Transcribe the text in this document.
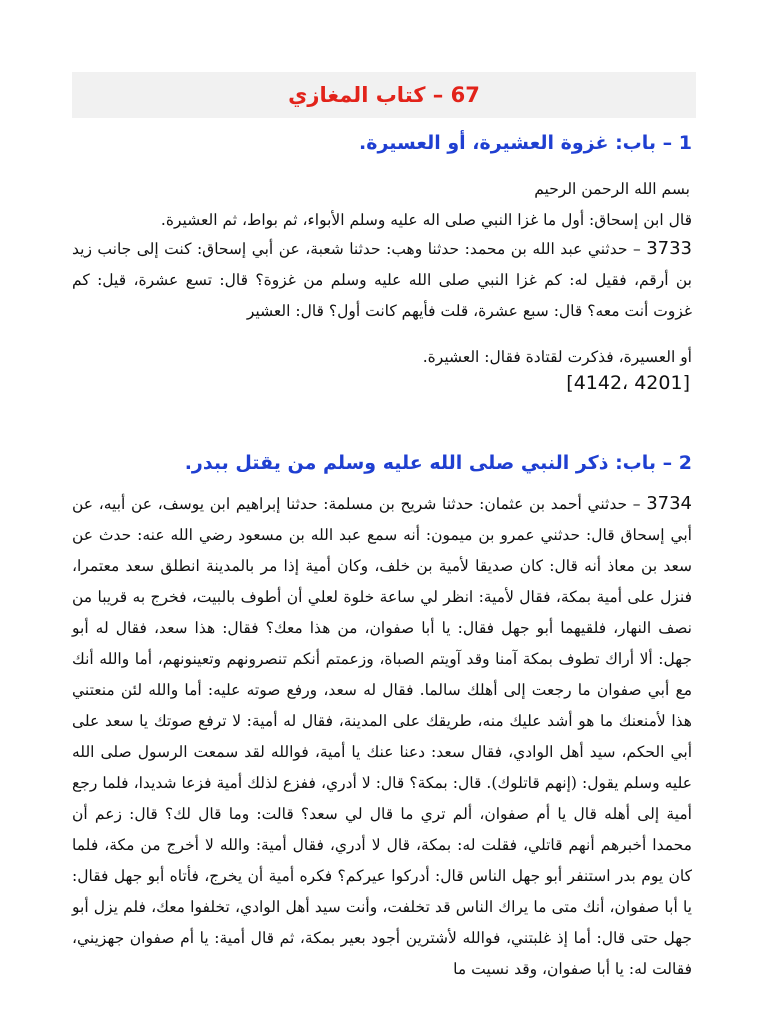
67 – كتاب المغازي
1 – باب: غزوة العشيرة، أو العسيرة.
بسم الله الرحمن الرحيم
قال ابن إسحاق: أول ما غزا النبي صلى اله عليه وسلم الأبواء، ثم بواط، ثم العشيرة.
3733 – حدثني عبد الله بن محمد: حدثنا وهب: حدثنا شعبة، عن أبي إسحاق: كنت إلى جانب زيد بن أرقم، فقيل له: كم غزا النبي صلى الله عليه وسلم من غزوة؟ قال: تسع عشرة، قيل: كم غزوت أنت معه؟ قال: سبع عشرة، قلت فأيهم كانت أول؟ قال: العشير
أو العسيرة، فذكرت لقتادة فقال: العشيرة.
[4201 ،4142]
2 – باب: ذكر النبي صلى الله عليه وسلم من يقتل ببدر.
3734 – حدثني أحمد بن عثمان: حدثنا شريح بن مسلمة: حدثنا إبراهيم ابن يوسف، عن أبيه، عن أبي إسحاق قال: حدثني عمرو بن ميمون: أنه سمع عبد الله بن مسعود رضي الله عنه: حدث عن سعد بن معاذ أنه قال: كان صديقا لأمية بن خلف، وكان أمية إذا مر بالمدينة انطلق سعد معتمرا، فنزل على أمية بمكة، فقال لأمية: انظر لي ساعة خلوة لعلي أن أطوف بالبيت، فخرج به قريبا من نصف النهار، فلقيهما أبو جهل فقال: يا أبا صفوان، من هذا معك؟ فقال: هذا سعد، فقال له أبو جهل: ألا أراك تطوف بمكة آمنا وقد آويتم الصباة، وزعمتم أنكم تنصرونهم وتعينونهم، أما والله أنك مع أبي صفوان ما رجعت إلى أهلك سالما. فقال له سعد، ورفع صوته عليه: أما والله لئن منعتني هذا لأمنعنك ما هو أشد عليك منه، طريقك على المدينة، فقال له أمية: لا ترفع صوتك يا سعد على أبي الحكم، سيد أهل الوادي، فقال سعد: دعنا عنك يا أمية، فوالله لقد سمعت الرسول صلى الله عليه وسلم يقول: (إنهم قاتلوك). قال: بمكة؟ قال: لا أدري، ففزع لذلك أمية فزعا شديدا، فلما رجع أمية إلى أهله قال يا أم صفوان، ألم تري ما قال لي سعد؟ قالت: وما قال لك؟ قال: زعم أن محمدا أخبرهم أنهم قاتلي، فقلت له: بمكة، قال لا أدري، فقال أمية: والله لا أخرج من مكة، فلما كان يوم بدر استنفر أبو جهل الناس قال: أدركوا عيركم؟ فكره أمية أن يخرج، فأتاه أبو جهل فقال: يا أبا صفوان، أنك متى ما يراك الناس قد تخلفت، وأنت سيد أهل الوادي، تخلفوا معك، فلم يزل أبو جهل حتى قال: أما إذ غلبتني، فوالله لأشترين أجود بعير بمكة، ثم قال أمية: يا أم صفوان جهزيني، فقالت له: يا أبا صفوان، وقد نسيت ما
